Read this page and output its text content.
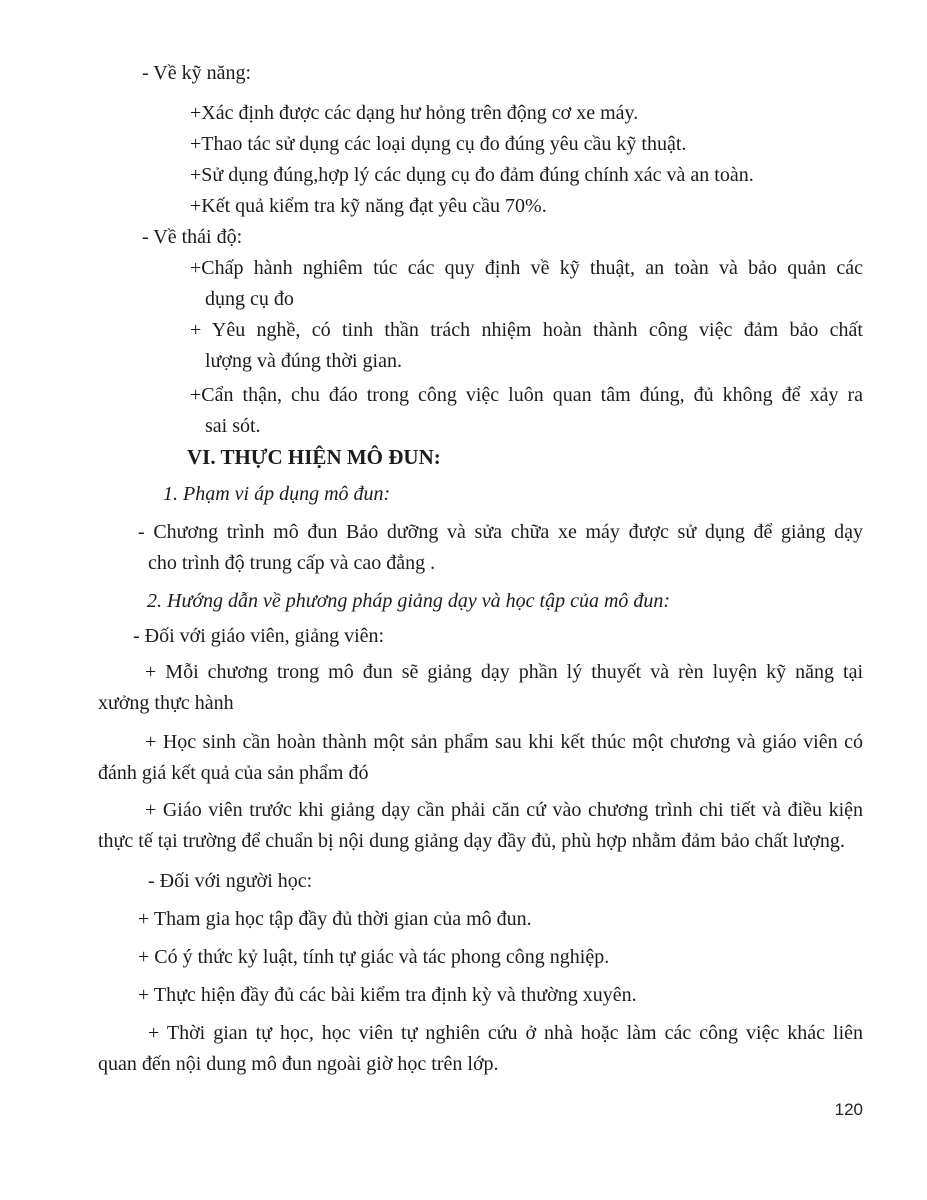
- Về kỹ năng:

+Xác định được các dạng hư hỏng trên động cơ xe máy.

+Thao tác sử dụng các loại dụng cụ đo đúng yêu cầu kỹ thuật.

+Sử dụng đúng,hợp lý các dụng cụ đo đảm đúng chính xác và an toàn.

+Kết quả kiểm tra kỹ năng đạt yêu cầu 70%.

- Về thái độ:

+Chấp hành nghiêm túc các quy định về kỹ thuật, an toàn và bảo quản các

dụng cụ đo

+ Yêu nghề, có tinh thần trách nhiệm hoàn thành công việc đảm bảo chất

lượng và đúng thời gian.

+Cẩn thận, chu đáo trong công việc luôn quan tâm đúng, đủ không để xảy ra

sai sót.

VI. THỰC HIỆN MÔ ĐUN:

1. Phạm vi áp dụng mô đun:

- Chương trình mô đun Bảo dưỡng và sửa chữa xe máy được sử dụng để giảng dạy

cho trình độ trung cấp và cao đẳng .

2. Hướng dẫn về phương pháp giảng dạy và học tập của mô đun:

- Đối với giáo viên, giảng viên:

+ Mỗi chương trong mô đun sẽ giảng dạy phần lý thuyết và rèn luyện kỹ năng tại

xưởng thực hành

+ Học sinh cần hoàn thành một sản phẩm sau khi kết thúc một chương và giáo viên có

đánh giá kết quả của sản phẩm đó

+ Giáo viên trước khi giảng dạy cần phải căn cứ vào chương trình chi tiết và điều kiện

thực tế tại trường để chuẩn bị nội dung giảng dạy đầy đủ, phù hợp nhằm đảm bảo chất lượng.

- Đối với người học:

+ Tham gia học tập đầy đủ thời gian của mô đun.

+ Có ý thức kỷ luật, tính tự giác và tác phong công nghiệp.

+ Thực hiện đầy đủ các bài kiểm tra định kỳ và thường xuyên.

+ Thời gian tự học, học viên tự nghiên cứu ở nhà hoặc làm các công việc khác liên

quan đến nội dung mô đun ngoài giờ học trên lớp.

120
